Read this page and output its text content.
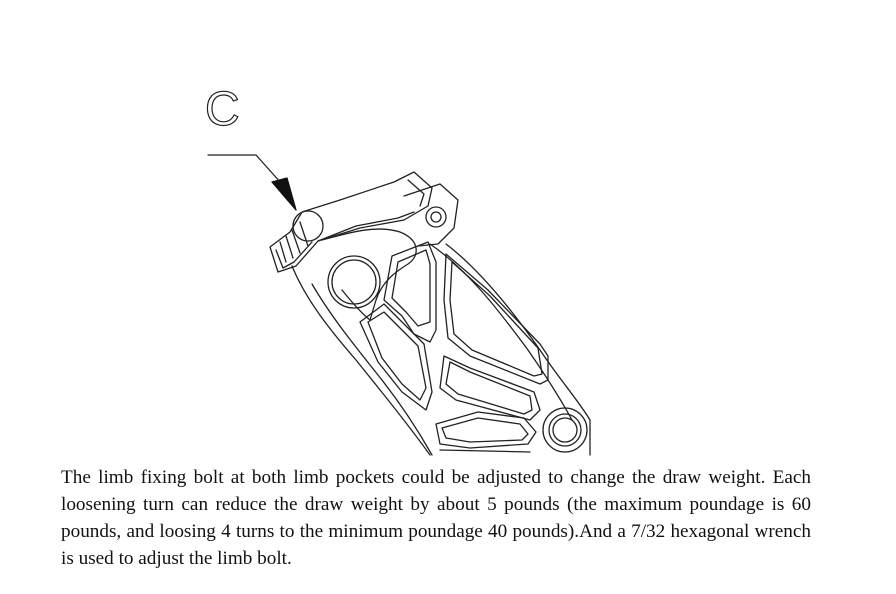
C

The limb fixing bolt at both limb pockets could be adjusted to change the draw weight. Each loosening turn can reduce the draw weight by about 5 pounds (the maximum poundage is 60 pounds, and loosing 4 turns to the minimum poundage 40 pounds).And a 7/32 hexagonal wrench is used to adjust the limb bolt.
